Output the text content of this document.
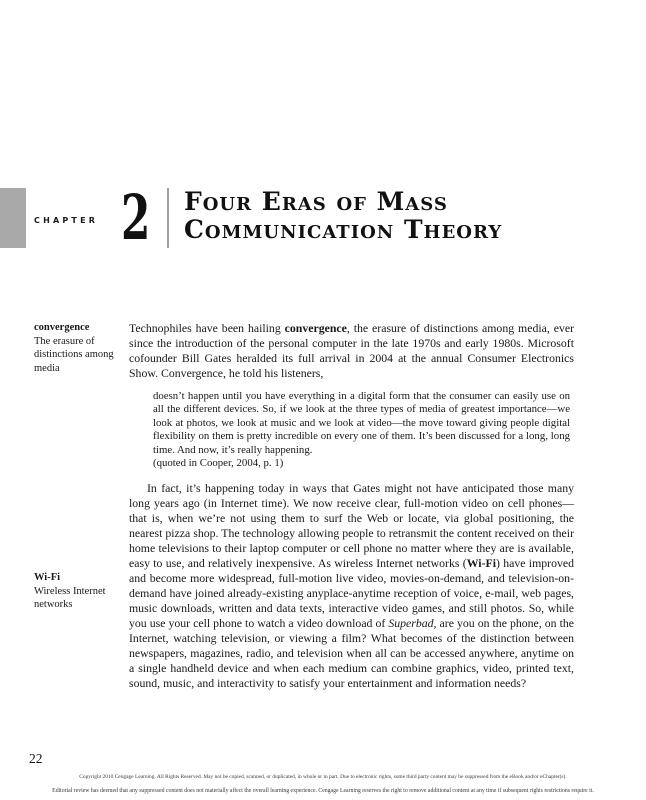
CHAPTER 2 Four Eras of Mass
Communication Theory
convergence
The erasure of distinctions among media
Wi-Fi
Wireless Internet networks

Technophiles have been hailing convergence, the erasure of distinctions among media, ever since the introduction of the personal computer in the late 1970s and early 1980s. Microsoft cofounder Bill Gates heralded its full arrival in 2004 at the annual Consumer Electronics Show. Convergence, he told his listeners,

doesn’t happen until you have everything in a digital form that the consumer can easily use on all the different devices. So, if we look at the three types of media of greatest importance—we look at photos, we look at music and we look at video—the move toward giving people digital flexibility on them is pretty incredible on every one of them. It’s been discussed for a long, long time. And now, it’s really happening.

(quoted in Cooper, 2004, p. 1)

In fact, it’s happening today in ways that Gates might not have anticipated those many long years ago (in Internet time). We now receive clear, full-motion video on cell phones—that is, when we’re not using them to surf the Web or locate, via global positioning, the nearest pizza shop. The technology allowing people to retransmit the content received on their home televisions to their laptop computer or cell phone no matter where they are is available, easy to use, and relatively inexpensive. As wireless Internet networks (Wi-Fi) have improved and become more widespread, full-motion live video, movies-on-demand, and television-on-demand have joined already-existing anyplace-anytime reception of voice, e-mail, web pages, music downloads, written and data texts, interactive video games, and still photos. So, while you use your cell phone to watch a video download of Superbad, are you on the phone, on the Internet, watching television, or viewing a film? What becomes of the distinction between newspapers, magazines, radio, and television when all can be accessed anywhere, anytime on a single handheld device and when each medium can combine graphics, video, printed text, sound, music, and interactivity to satisfy your entertainment and information needs?

22
Copyright 2010 Cengage Learning. All Rights Reserved. May not be copied, scanned, or duplicated, in whole or in part. Due to electronic rights, some third party content may be suppressed from the eBook and/or eChapter(s).
Editorial review has deemed that any suppressed content does not materially affect the overall learning experience. Cengage Learning reserves the right to remove additional content at any time if subsequent rights restrictions require it.
